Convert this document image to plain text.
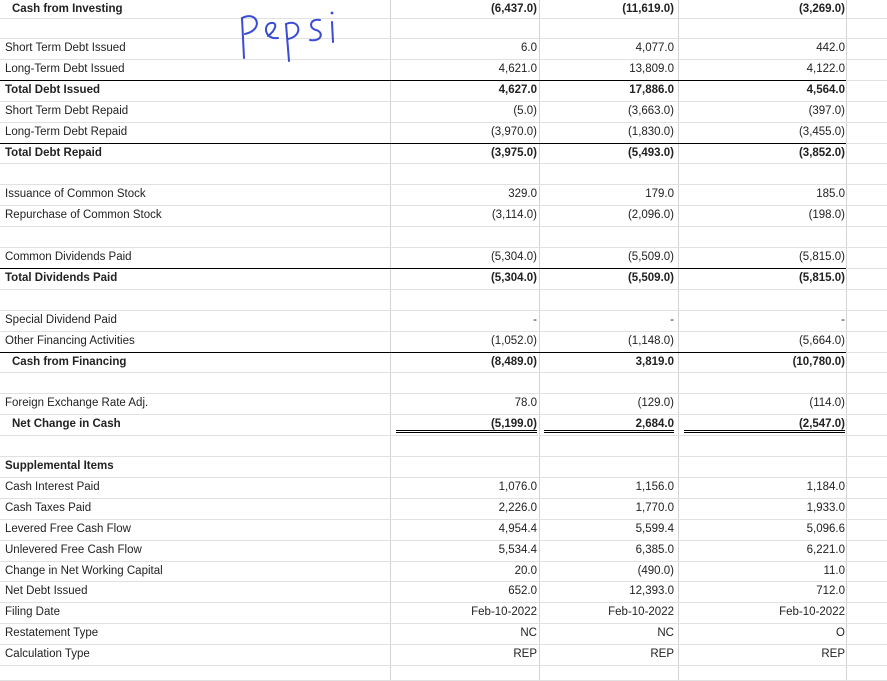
Cash from Investing	(6,437.0)	(11,619.0)	(3,269.0)
Short Term Debt Issued	6.0	4,077.0	442.0
Long-Term Debt Issued	4,621.0	13,809.0	4,122.0
Total Debt Issued	4,627.0	17,886.0	4,564.0
Short Term Debt Repaid	(5.0)	(3,663.0)	(397.0)
Long-Term Debt Repaid	(3,970.0)	(1,830.0)	(3,455.0)
Total Debt Repaid	(3,975.0)	(5,493.0)	(3,852.0)
Issuance of Common Stock	329.0	179.0	185.0
Repurchase of Common Stock	(3,114.0)	(2,096.0)	(198.0)
Common Dividends Paid	(5,304.0)	(5,509.0)	(5,815.0)
Total Dividends Paid	(5,304.0)	(5,509.0)	(5,815.0)
Special Dividend Paid	-	-	-
Other Financing Activities	(1,052.0)	(1,148.0)	(5,664.0)
Cash from Financing	(8,489.0)	3,819.0	(10,780.0)
Foreign Exchange Rate Adj.	78.0	(129.0)	(114.0)
Net Change in Cash	(5,199.0)	2,684.0	(2,547.0)
Supplemental Items
Cash Interest Paid	1,076.0	1,156.0	1,184.0
Cash Taxes Paid	2,226.0	1,770.0	1,933.0
Levered Free Cash Flow	4,954.4	5,599.4	5,096.6
Unlevered Free Cash Flow	5,534.4	6,385.0	6,221.0
Change in Net Working Capital	20.0	(490.0)	11.0
Net Debt Issued	652.0	12,393.0	712.0
Filing Date	Feb-10-2022	Feb-10-2022	Feb-10-2022
Restatement Type	NC	NC	O
Calculation Type	REP	REP	REP
